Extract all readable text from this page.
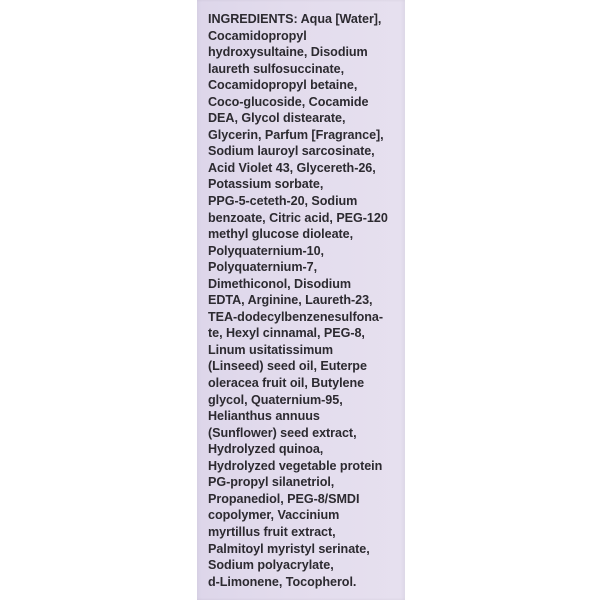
INGREDIENTS: Aqua [Water],
Cocamidopropyl
hydroxysultaine, Disodium
laureth sulfosuccinate,
Cocamidopropyl betaine,
Coco-glucoside, Cocamide
DEA, Glycol distearate,
Glycerin, Parfum [Fragrance],
Sodium lauroyl sarcosinate,
Acid Violet 43, Glycereth-26,
Potassium sorbate,
PPG-5-ceteth-20, Sodium
benzoate, Citric acid, PEG-120
methyl glucose dioleate,
Polyquaternium-10,
Polyquaternium-7,
Dimethiconol, Disodium
EDTA, Arginine, Laureth-23,
TEA-dodecylbenzenesulfona-
te, Hexyl cinnamal, PEG-8,
Linum usitatissimum
(Linseed) seed oil, Euterpe
oleracea fruit oil, Butylene
glycol, Quaternium-95,
Helianthus annuus
(Sunflower) seed extract,
Hydrolyzed quinoa,
Hydrolyzed vegetable protein
PG-propyl silanetriol,
Propanediol, PEG-8/SMDI
copolymer, Vaccinium
myrtillus fruit extract,
Palmitoyl myristyl serinate,
Sodium polyacrylate,
d-Limonene, Tocopherol.
